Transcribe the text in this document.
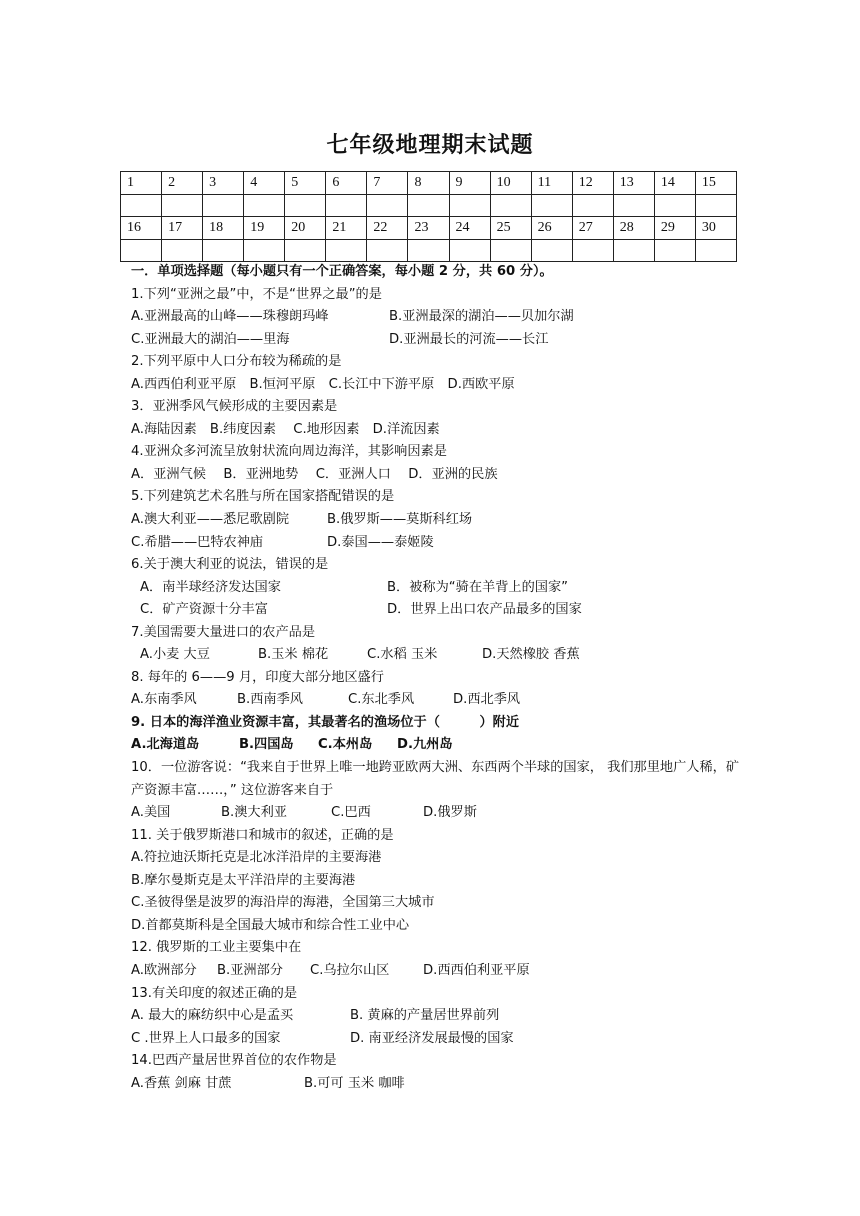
七年级地理期末试题
1	2	3	4	5	6	7	8	9	10	11	12	13	14	15

16	17	18	19	20	21	22	23	24	25	26	27	28	29	30

一．单项选择题（每小题只有一个正确答案，每小题 2 分，共 60 分）。
1.下列“亚洲之最”中，不是“世界之最”的是
A.亚洲最高的山峰——珠穆朗玛峰	B.亚洲最深的湖泊——贝加尔湖
C.亚洲最大的湖泊——里海	D.亚洲最长的河流——长江
2.下列平原中人口分布较为稀疏的是
A.西西伯利亚平原　B.恒河平原　C.长江中下游平原　D.西欧平原
3．亚洲季风气候形成的主要因素是
A.海陆因素　B.纬度因素　 C.地形因素　D.洋流因素
4.亚洲众多河流呈放射状流向周边海洋，其影响因素是
A．亚洲气候　 B．亚洲地势　 C．亚洲人口　 D．亚洲的民族
5.下列建筑艺术名胜与所在国家搭配错误的是
A.澳大利亚——悉尼歌剧院	B.俄罗斯——莫斯科红场
C.希腊——巴特农神庙	D.泰国——泰姬陵
6.关于澳大利亚的说法，错误的是
A．南半球经济发达国家	B．被称为“骑在羊背上的国家”
C．矿产资源十分丰富	D．世界上出口农产品最多的国家
7.美国需要大量进口的农产品是
A.小麦 大豆	B.玉米 棉花	C.水稻 玉米	D.天然橡胶 香蕉
8. 每年的 6——9 月，印度大部分地区盛行
A.东南季风	B.西南季风	C.东北季风	D.西北季风
9. 日本的海洋渔业资源丰富，其最著名的渔场位于（　　　）附近
A.北海道岛	B.四国岛 C.本州岛 D.九州岛
10．一位游客说：“我来自于世界上唯一地跨亚欧两大洲、东西两个半球的国家， 我们那里地广人稀，矿产资源丰富……，” 这位游客来自于
A.美国	B.澳大利亚	C.巴西	D.俄罗斯
11. 关于俄罗斯港口和城市的叙述，正确的是
A.符拉迪沃斯托克是北冰洋沿岸的主要海港
B.摩尔曼斯克是太平洋沿岸的主要海港
C.圣彼得堡是波罗的海沿岸的海港，全国第三大城市
D.首都莫斯科是全国最大城市和综合性工业中心
12. 俄罗斯的工业主要集中在
A.欧洲部分 B.亚洲部分 C.乌拉尔山区	D.西西伯利亚平原
13.有关印度的叙述正确的是
A. 最大的麻纺织中心是孟买	B. 黄麻的产量居世界前列
C .世界上人口最多的国家	D. 南亚经济发展最慢的国家
14.巴西产量居世界首位的农作物是
A.香蕉 剑麻 甘蔗	B.可可 玉米 咖啡
